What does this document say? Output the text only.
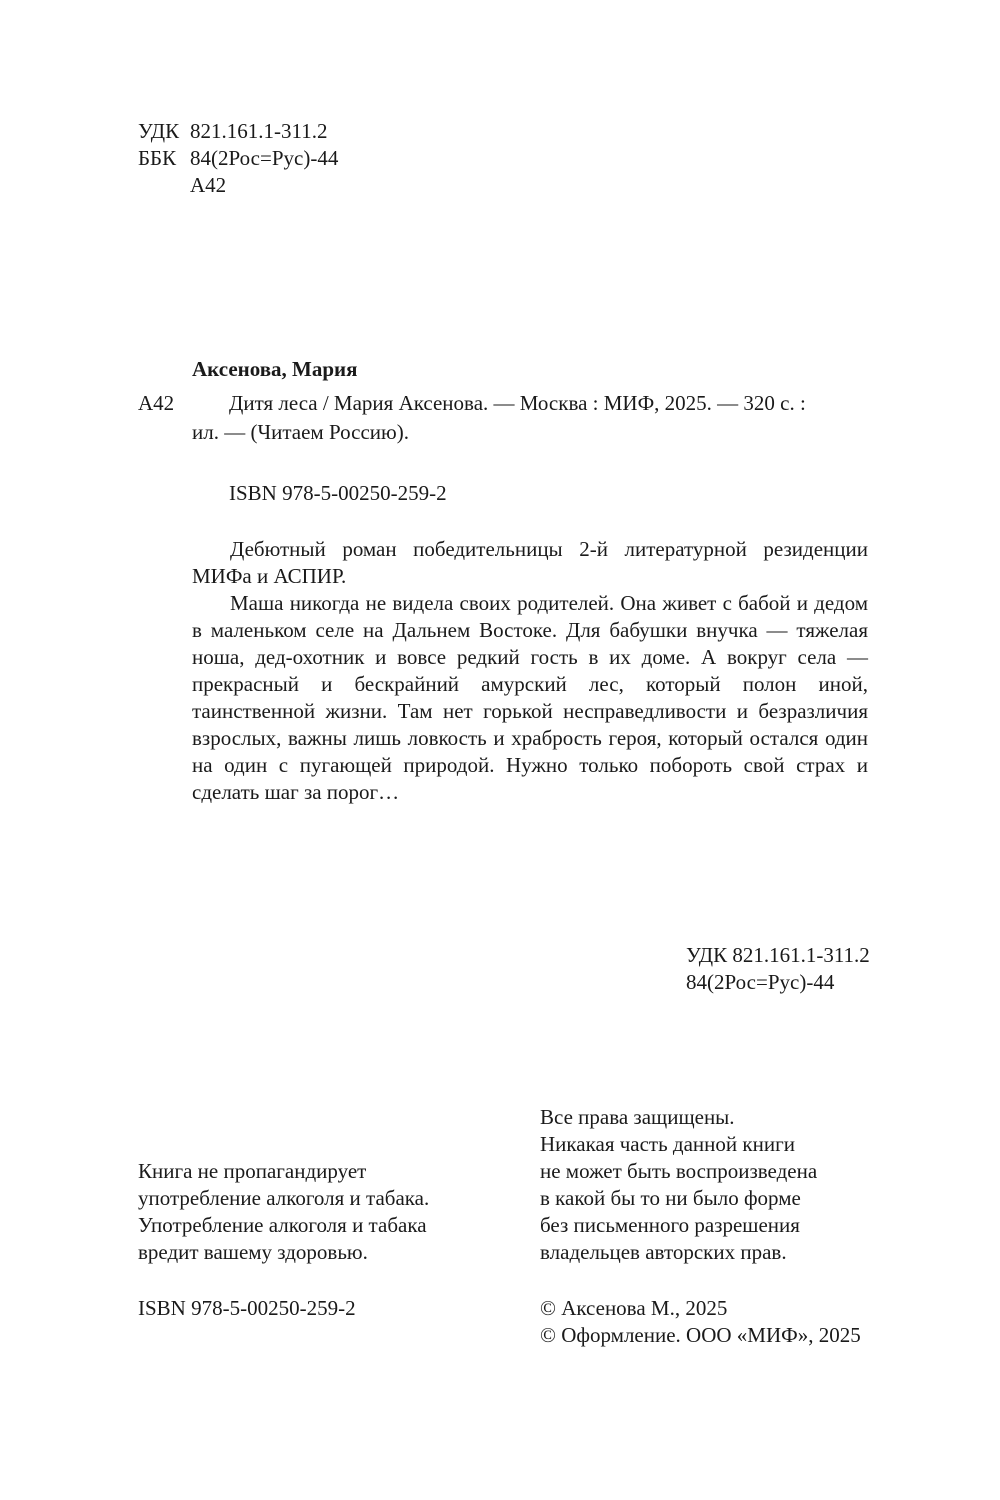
УДК 821.161.1-311.2
ББК 84(2Рос=Рус)-44
А42
Аксенова, Мария
А42	Дитя леса / Мария Аксенова. — Москва : МИФ, 2025. — 320 с. :
ил. — (Читаем Россию).
ISBN 978-5-00250-259-2
Дебютный роман победительницы 2-й литературной резиденции МИФа и АСПИР.
Маша никогда не видела своих родителей. Она живет с бабой и дедом в маленьком селе на Дальнем Востоке. Для бабушки внучка — тяжелая ноша, дед-охотник и вовсе редкий гость в их доме. А вокруг села — прекрасный и бескрайний амурский лес, который полон иной, таинственной жизни. Там нет горькой несправедливости и безразличия взрослых, важны лишь ловкость и храбрость героя, который остался один на один с пугающей природой. Нужно только побороть свой страх и сделать шаг за порог…
УДК 821.161.1-311.2
84(2Рос=Рус)-44
Все права защищены.
Никакая часть данной книги
не может быть воспроизведена
в какой бы то ни было форме
без письменного разрешения
владельцев авторских прав.
Книга не пропагандирует
употребление алкоголя и табака.
Употребление алкоголя и табака
вредит вашему здоровью.
ISBN 978-5-00250-259-2	© Аксенова М., 2025
© Оформление. ООО «МИФ», 2025
